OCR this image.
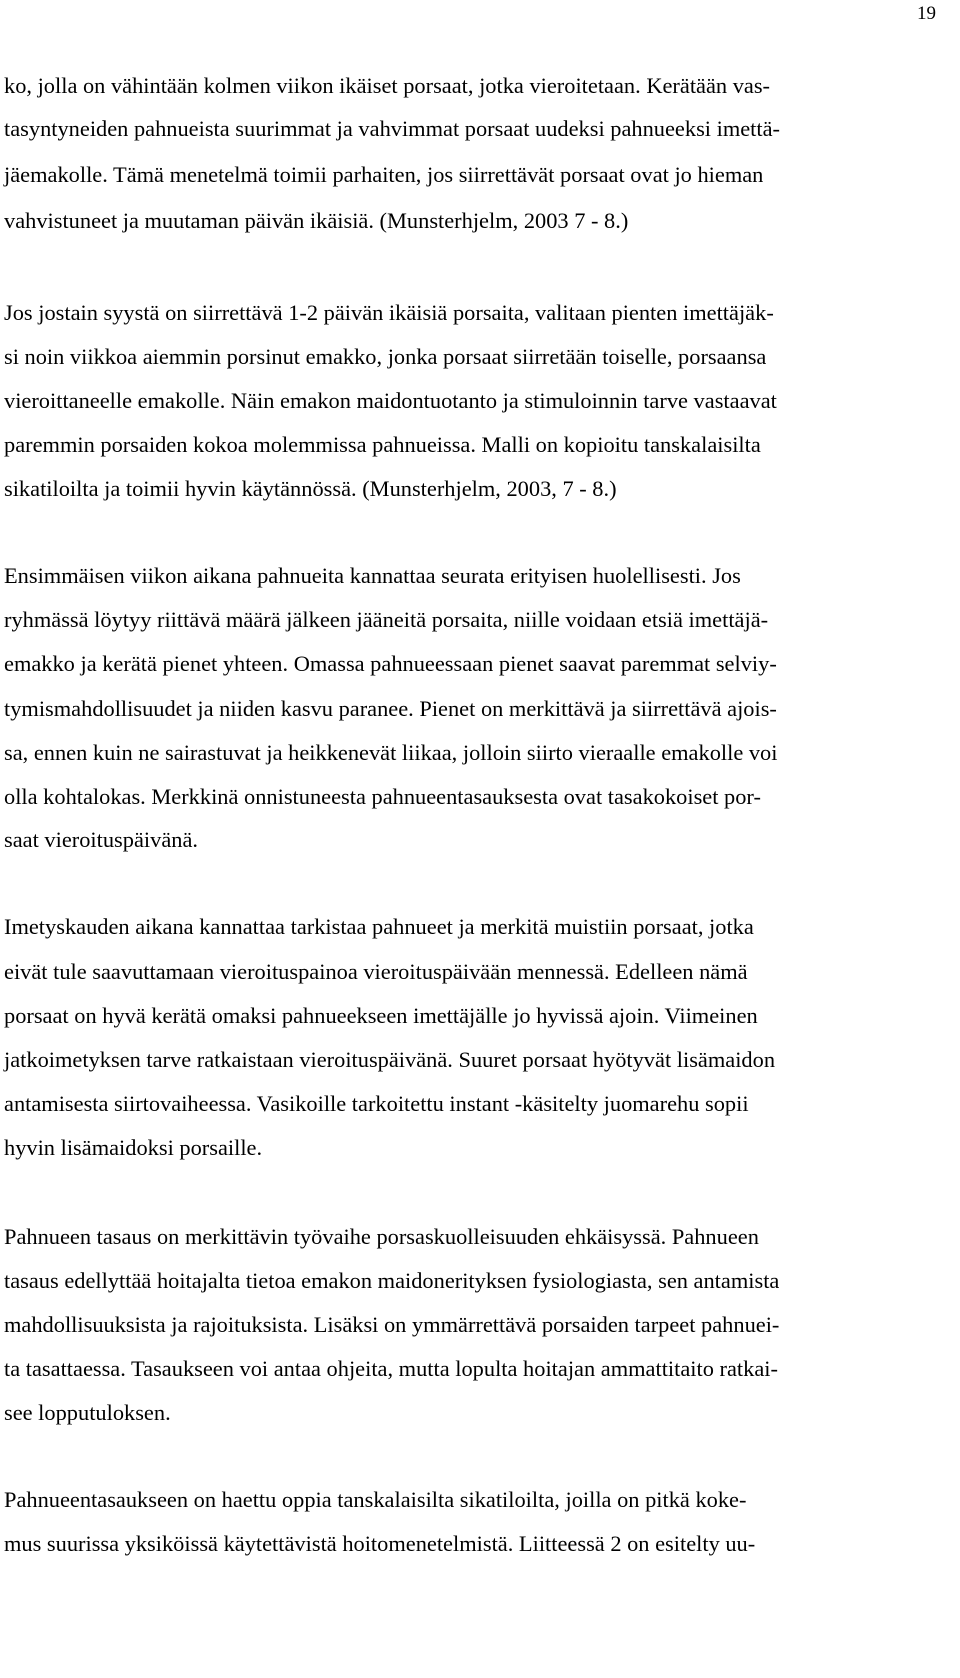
19
ko, jolla on vähintään kolmen viikon ikäiset porsaat, jotka vieroitetaan. Kerätään vas-
tasyntyneiden pahnueista suurimmat ja vahvimmat porsaat uudeksi pahnueeksi imettä-
jäemakolle. Tämä menetelmä toimii parhaiten, jos siirrettävät porsaat ovat jo hieman
vahvistuneet ja muutaman päivän ikäisiä. (Munsterhjelm, 2003 7 - 8.)
Jos jostain syystä on siirrettävä 1-2 päivän ikäisiä porsaita, valitaan pienten imettäjäk-
si noin viikkoa aiemmin porsinut emakko, jonka porsaat siirretään toiselle, porsaansa
vieroittaneelle emakolle. Näin emakon maidontuotanto ja stimuloinnin tarve vastaavat
paremmin porsaiden kokoa molemmissa pahnueissa. Malli on kopioitu tanskalaisilta
sikatiloilta ja toimii hyvin käytännössä. (Munsterhjelm, 2003, 7 - 8.)
Ensimmäisen viikon aikana pahnueita kannattaa seurata erityisen huolellisesti. Jos
ryhmässä löytyy riittävä määrä jälkeen jääneitä porsaita, niille voidaan etsiä imettäjä-
emakko ja kerätä pienet yhteen. Omassa pahnueessaan pienet saavat paremmat selviy-
tymismahdollisuudet ja niiden kasvu paranee. Pienet on merkittävä ja siirrettävä ajois-
sa, ennen kuin ne sairastuvat ja heikkenevät liikaa, jolloin siirto vieraalle emakolle voi
olla kohtalokas. Merkkinä onnistuneesta pahnueentasauksesta ovat tasakokoiset por-
saat vieroituspäivänä.
Imetyskauden aikana kannattaa tarkistaa pahnueet ja merkitä muistiin porsaat, jotka
eivät tule saavuttamaan vieroituspainoa vieroituspäivään mennessä. Edelleen nämä
porsaat on hyvä kerätä omaksi pahnueekseen imettäjälle jo hyvissä ajoin. Viimeinen
jatkoimetyksen tarve ratkaistaan vieroituspäivänä. Suuret porsaat hyötyvät lisämaidon
antamisesta siirtovaiheessa. Vasikoille tarkoitettu instant -käsitelty juomarehu sopii
hyvin lisämaidoksi porsaille.
Pahnueen tasaus on merkittävin työvaihe porsaskuolleisuuden ehkäisyssä. Pahnueen
tasaus edellyttää hoitajalta tietoa emakon maidonerityksen fysiologiasta, sen antamista
mahdollisuuksista ja rajoituksista. Lisäksi on ymmärrettävä porsaiden tarpeet pahnuei-
ta tasattaessa. Tasaukseen voi antaa ohjeita, mutta lopulta hoitajan ammattitaito ratkai-
see lopputuloksen.
Pahnueentasaukseen on haettu oppia tanskalaisilta sikatiloilta, joilla on pitkä koke-
mus suurissa yksiköissä käytettävistä hoitomenetelmistä. Liitteessä 2 on esitelty uu-
